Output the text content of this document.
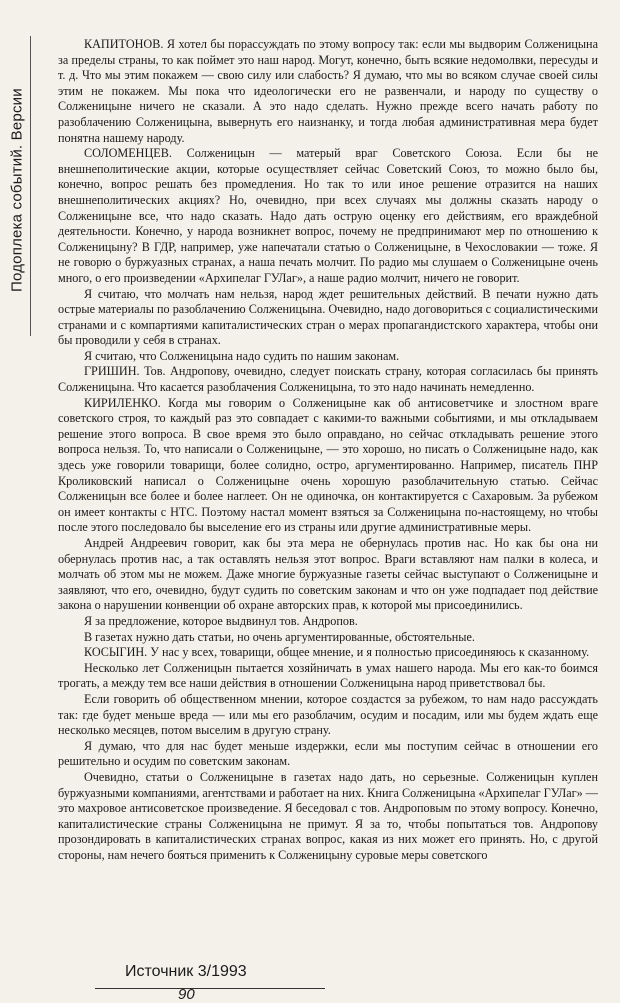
Подоплека событий. Версии

КАПИТОНОВ. Я хотел бы порассуждать по этому вопросу так: если мы выдворим Солженицына за пределы страны, то как поймет это наш народ. Могут, конечно, быть всякие недомолвки, пересуды и т. д. Что мы этим покажем — свою силу или слабость? Я думаю, что мы во всяком случае своей силы этим не покажем. Мы пока что идеологически его не развенчали, и народу по существу о Солженицыне ничего не сказали. А это надо сделать. Нужно прежде всего начать работу по разоблачению Солженицына, вывернуть его наизнанку, и тогда любая административная мера будет понятна нашему народу.

СОЛОМЕНЦЕВ. Солженицын — матерый враг Советского Союза. Если бы не внешнеполитические акции, которые осуществляет сейчас Советский Союз, то можно было бы, конечно, вопрос решать без промедления. Но так то или иное решение отразится на наших внешнеполитических акциях? Но, очевидно, при всех случаях мы должны сказать народу о Солженицыне все, что надо сказать. Надо дать острую оценку его действиям, его враждебной деятельности. Конечно, у народа возникнет вопрос, почему не предпринимают мер по отношению к Солженицыну? В ГДР, например, уже напечатали статью о Солженицыне, в Чехословакии — тоже. Я не говорю о буржуазных странах, а наша печать молчит. По радио мы слушаем о Солженицыне очень много, о его произведении «Архипелаг ГУЛаг», а наше радио молчит, ничего не говорит.

Я считаю, что молчать нам нельзя, народ ждет решительных действий. В печати нужно дать острые материалы по разоблачению Солженицына. Очевидно, надо договориться с социалистическими странами и с компартиями капиталистических стран о мерах пропагандистского характера, чтобы они бы проводили у себя в странах.

Я считаю, что Солженицына надо судить по нашим законам.

ГРИШИН. Тов. Андропову, очевидно, следует поискать страну, которая согласилась бы принять Солженицына. Что касается разоблачения Солженицына, то это надо начинать немедленно.

КИРИЛЕНКО. Когда мы говорим о Солженицыне как об антисоветчике и злостном враге советского строя, то каждый раз это совпадает с какими-то важными событиями, и мы откладываем решение этого вопроса. В свое время это было оправдано, но сейчас откладывать решение этого вопроса нельзя. То, что написали о Солженицыне, — это хорошо, но писать о Солженицыне надо, как здесь уже говорили товарищи, более солидно, остро, аргументированно. Например, писатель ПНР Кроликовский написал о Солженицыне очень хорошую разоблачительную статью. Сейчас Солженицын все более и более наглеет. Он не одиночка, он контактируется с Сахаровым. За рубежом он имеет контакты с НТС. Поэтому настал момент взяться за Солженицына по-настоящему, но чтобы после этого последовало бы выселение его из страны или другие административные меры.

Андрей Андреевич говорит, как бы эта мера не обернулась против нас. Но как бы она ни обернулась против нас, а так оставлять нельзя этот вопрос. Враги вставляют нам палки в колеса, и молчать об этом мы не можем. Даже многие буржуазные газеты сейчас выступают о Солженицыне и заявляют, что его, очевидно, будут судить по советским законам и что он уже подпадает под действие закона о нарушении конвенции об охране авторских прав, к которой мы присоединились.

Я за предложение, которое выдвинул тов. Андропов.

В газетах нужно дать статьи, но очень аргументированные, обстоятельные.

КОСЫГИН. У нас у всех, товарищи, общее мнение, и я полностью присоединяюсь к сказанному.

Несколько лет Солженицын пытается хозяйничать в умах нашего народа. Мы его как-то боимся трогать, а между тем все наши действия в отношении Солженицына народ приветствовал бы.

Если говорить об общественном мнении, которое создастся за рубежом, то нам надо рассуждать так: где будет меньше вреда — или мы его разоблачим, осудим и посадим, или мы будем ждать еще несколько месяцев, потом выселим в другую страну.

Я думаю, что для нас будет меньше издержки, если мы поступим сейчас в отношении его решительно и осудим по советским законам.

Очевидно, статьи о Солженицыне в газетах надо дать, но серьезные. Солженицын куплен буржуазными компаниями, агентствами и работает на них. Книга Солженицына «Архипелаг ГУЛаг» — это махровое антисоветское произведение. Я беседовал с тов. Андроповым по этому вопросу. Конечно, капиталистические страны Солженицына не примут. Я за то, чтобы попытаться тов. Андропову прозондировать в капиталистических странах вопрос, какая из них может его принять. Но, с другой стороны, нам нечего бояться применить к Солженицыну суровые меры советского

Источник 3/1993
90
